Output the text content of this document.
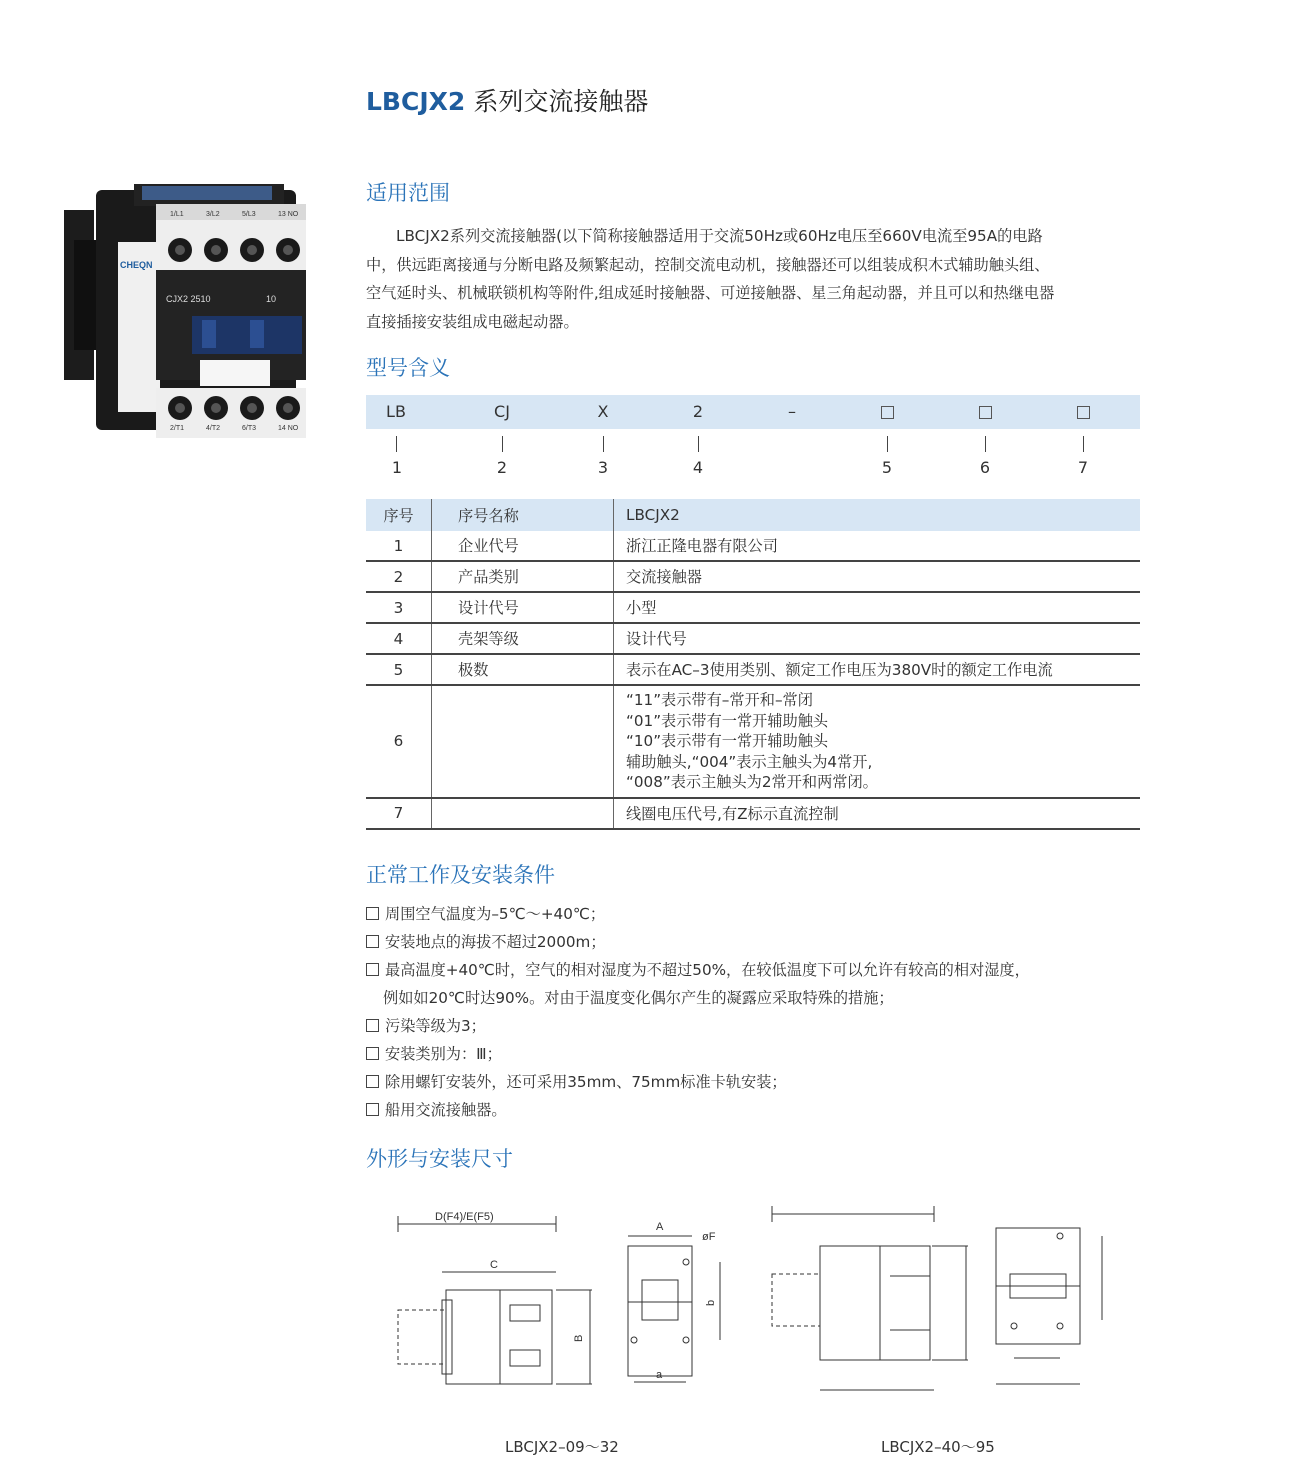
LBCJX2 系列交流接触器
CHEQN
CJX2 2510	10
1/L1	3/L2	5/L3	13 NO
2/T1	4/T2	6/T3	14 NO
适用范围

LBCJX2系列交流接触器(以下简称接触器适用于交流50Hz或60Hz电压至660V电流至95A的电路

中，供远距离接通与分断电路及频繁起动，控制交流电动机，接触器还可以组装成积木式辅助触头组、
空气延时头、机械联锁机构等附件,组成延时接触器、可逆接触器、星三角起动器，并且可以和热继电器
直接插接安装组成电磁起动器。
型号含义
LB	CJ	X	2	–
1	2	3	4	5	6	7
序号	序号名称	LBCJX2
1	企业代号	浙江正隆电器有限公司
2	产品类别	交流接触器
3	设计代号	小型
4	壳架等级	设计代号
5	极数	表示在AC–3使用类别、额定工作电压为380V时的额定工作电流
6		“11”表示带有–常开和–常闭
“01”表示带有一常开辅助触头
“10”表示带有一常开辅助触头
辅助触头,“004”表示主触头为4常开,
“008”表示主触头为2常开和两常闭。

7		线圈电压代号,有Z标示直流控制
正常工作及安装条件
周围空气温度为–5℃～+40℃；
安装地点的海拔不超过2000m；
最高温度+40℃时，空气的相对湿度为不超过50%，在较低温度下可以允许有较高的相对湿度，
例如如20℃时达90%。对由于温度变化偶尔产生的凝露应采取特殊的措施；
污染等级为3；
安装类别为：Ⅲ；
除用螺钉安装外，还可采用35mm、75mm标准卡轨安装；
船用交流接触器。
外形与安装尺寸
D(F4)/E(F5)
C
B
A
øF
b
a
LBCJX2–09～32	LBCJX2–40～95
